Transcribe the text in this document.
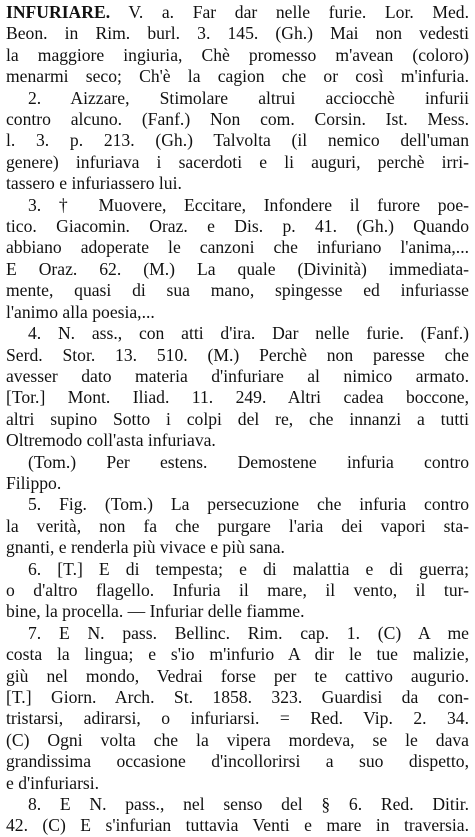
INFURIARE. V. a. Far dar nelle furie. Lor. Med.
Beon. in Rim. burl. 3. 145. (Gh.) Mai non vedesti
la maggiore ingiuria, Chè promesso m'avean (coloro)
menarmi seco; Ch'è la cagion che or così m'infuria.
2. Aizzare, Stimolare altrui acciocchè infurii
contro alcuno. (Fanf.) Non com. Corsin. Ist. Mess.
l. 3. p. 213. (Gh.) Talvolta (il nemico dell'uman
genere) infuriava i sacerdoti e li auguri, perchè irri-
tassero e infuriassero lui.
3. † Muovere, Eccitare, Infondere il furore poe-
tico. Giacomin. Oraz. e Dis. p. 41. (Gh.) Quando
abbiano adoperate le canzoni che infuriano l'anima,...
E Oraz. 62. (M.) La quale (Divinità) immediata-
mente, quasi di sua mano, spingesse ed infuriasse
l'animo alla poesia,...
4. N. ass., con atti d'ira. Dar nelle furie. (Fanf.)
Serd. Stor. 13. 510. (M.) Perchè non paresse che
avesser dato materia d'infuriare al nimico armato.
[Tor.] Mont. Iliad. 11. 249. Altri cadea boccone,
altri supino Sotto i colpi del re, che innanzi a tutti
Oltremodo coll'asta infuriava.
(Tom.) Per estens. Demostene infuria contro
Filippo.
5. Fig. (Tom.) La persecuzione che infuria contro
la verità, non fa che purgare l'aria dei vapori sta-
gnanti, e renderla più vivace e più sana.
6. [T.] E di tempesta; e di malattia e di guerra;
o d'altro flagello. Infuria il mare, il vento, il tur-
bine, la procella. — Infuriar delle fiamme.
7. E N. pass. Bellinc. Rim. cap. 1. (C) A me
costa la lingua; e s'io m'infurio A dir le tue malizie,
giù nel mondo, Vedrai forse per te cattivo augurio.
[T.] Giorn. Arch. St. 1858. 323. Guardisi da con-
tristarsi, adirarsi, o infuriarsi. = Red. Vip. 2. 34.
(C) Ogni volta che la vipera mordeva, se le dava
grandissima occasione d'incollorirsi a suo dispetto,
e d'infuriarsi.
8. E N. pass., nel senso del § 6. Red. Ditir.
42. (C) E s'infurian tuttavia Venti e mare in traversia.
